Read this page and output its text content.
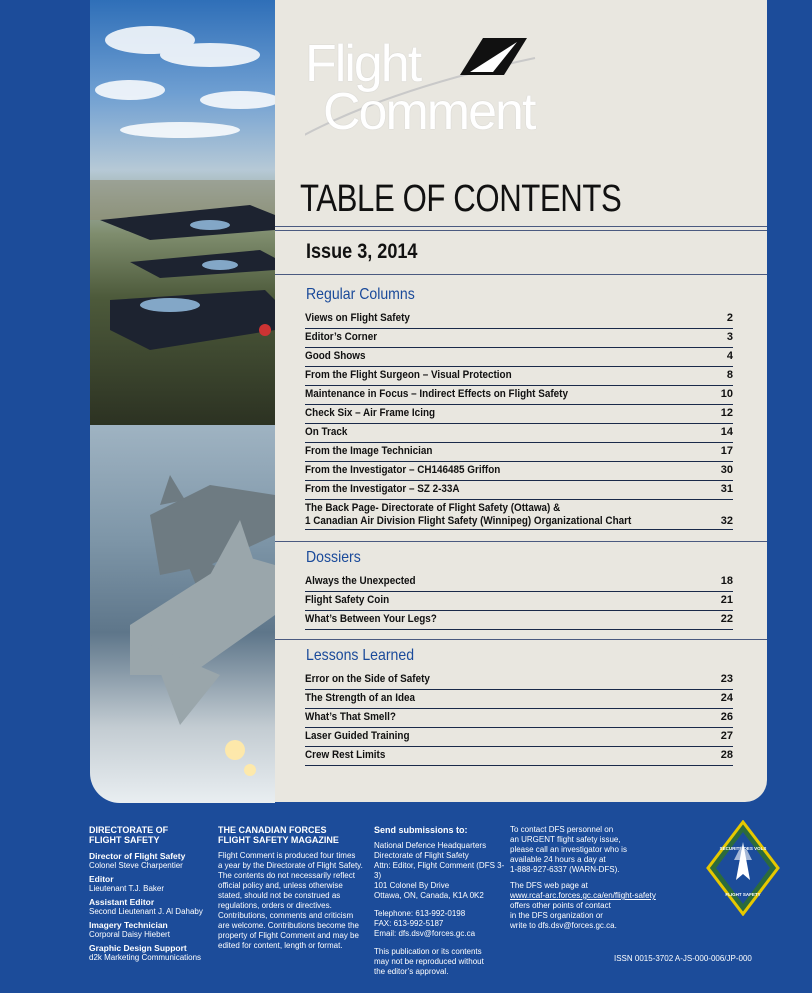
Flight
Comment
TABLE OF CONTENTS
Issue 3, 2014
Regular Columns
Views on Flight Safety	2
Editor’s Corner	3
Good Shows	4
From the Flight Surgeon – Visual Protection	8
Maintenance in Focus – Indirect Effects on Flight Safety	10
Check Six – Air Frame Icing	12
On Track	14
From the Image Technician	17
From the Investigator – CH146485 Griffon	30
From the Investigator – SZ 2-33A	31
The Back Page- Directorate of Flight Safety (Ottawa) &
1 Canadian Air Division Flight Safety (Winnipeg) Organizational Chart	32
Dossiers
Always the Unexpected	18
Flight Safety Coin	21
What’s Between Your Legs?	22
Lessons Learned
Error on the Side of Safety	23
The Strength of an Idea	24
What’s That Smell?	26
Laser Guided Training	27
Crew Rest Limits	28
DIRECTORATE OF
FLIGHT SAFETY
Director of Flight Safety
Colonel Steve Charpentier
Editor
Lieutenant T.J. Baker
Assistant Editor
Second Lieutenant J. Al Dahaby
Imagery Technician
Corporal Daisy Hiebert
Graphic Design Support
d2k Marketing Communications
THE CANADIAN FORCES
FLIGHT SAFETY MAGAZINE
Flight Comment is produced four times
a year by the Directorate of Flight Safety.
The contents do not necessarily reflect
official policy and, unless otherwise
stated, should not be construed as
regulations, orders or directives.
Contributions, comments and criticism
are welcome. Contributions become the
property of Flight Comment and may be
edited for content, length or format.
Send submissions to:
National Defence Headquarters
Directorate of Flight Safety
Attn: Editor, Flight Comment (DFS 3-3)
101 Colonel By Drive
Ottawa, ON, Canada, K1A 0K2
Telephone: 613-992-0198
FAX: 613-992-5187
Email: dfs.dsv@forces.gc.ca
This publication or its contents
may not be reproduced without
the editor’s approval.
To contact DFS personnel on
an URGENT flight safety issue,
please call an investigator who is
available 24 hours a day at
1-888-927-6337 (WARN-DFS).
The DFS web page at
www.rcaf-arc.forces.gc.ca/en/flight-safety
offers other points of contact
in the DFS organization or
write to dfs.dsv@forces.gc.ca.
SÉCURITÉ DES VOLS
FLIGHT SAFETY
ISSN 0015-3702 A-JS-000-006/JP-000
